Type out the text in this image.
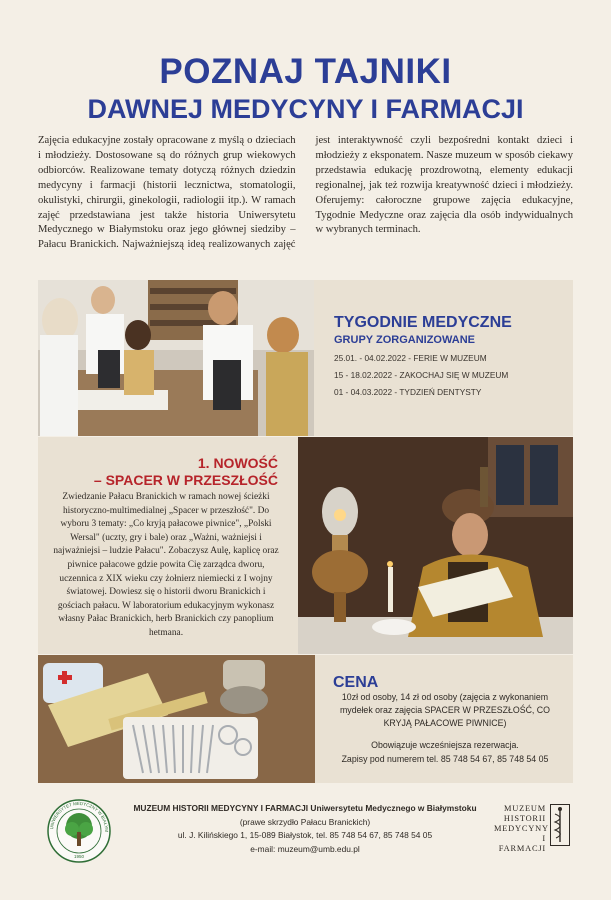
POZNAJ TAJNIKI
DAWNEJ MEDYCYNY I FARMACJI
Zajęcia edukacyjne zostały opracowane z myślą o dzieciach i młodzieży. Dostosowane są do różnych grup wiekowych odbiorców. Realizowane tematy dotyczą różnych dziedzin medycyny i farmacji (historii lecznictwa, stomatologii, okulistyki, chirurgii, ginekologii, radiologii itp.). W ramach zajęć przedstawiana jest także historia Uniwersytetu Medycznego w Białymstoku oraz jego głównej siedziby – Pałacu Branickich. Najważniejszą ideą realizowanych zajęć jest interaktywność czyli bezpośredni kontakt dzieci i młodzieży z eksponatem. Nasze muzeum w sposób ciekawy przedstawia edukację prozdrowotną, elementy edukacji regionalnej, jak też rozwija kreatywność dzieci i młodzieży. Oferujemy: całoroczne grupowe zajęcia edukacyjne, Tygodnie Medyczne oraz zajęcia dla osób indywidualnych w wybranych terminach.
TYGODNIE MEDYCZNE
GRUPY ZORGANIZOWANE
25.01. - 04.02.2022 - FERIE W MUZEUM
15 - 18.02.2022 - ZAKOCHAJ SIĘ W MUZEUM
01 - 04.03.2022 - TYDZIEŃ DENTYSTY
1. NOWOŚĆ
– SPACER W PRZESZŁOŚĆ
Zwiedzanie Pałacu Branickich w ramach nowej ścieżki historyczno-multimedialnej „Spacer w przeszłość". Do wyboru 3 tematy: „Co kryją pałacowe piwnice", „Polski Wersal" (uczty, gry i bale) oraz „Ważni, ważniejsi i najważniejsi – ludzie Pałacu". Zobaczysz Aulę, kaplicę oraz piwnice pałacowe gdzie powita Cię zarządca dworu, uczennica z XIX wieku czy żołnierz niemiecki z I wojny światowej. Dowiesz się o historii dworu Branickich i gościach pałacu. W laboratorium edukacyjnym wykonasz własny Pałac Branickich, herb Branickich czy panoplium hetmana.
CENA
10zł od osoby, 14 zł od osoby (zajęcia z wykonaniem mydełek oraz zajęcia SPACER W PRZESZŁOŚĆ, CO KRYJĄ PAŁACOWE PIWNICE)
Obowiązuje wcześniejsza rezerwacja.
Zapisy pod numerem tel. 85 748 54 67, 85 748 54 05
UNIWERSYTET MEDYCZNY W BIAŁYM
1950
MUZEUM HISTORII MEDYCYNY I FARMACJI Uniwersytetu Medycznego w Białymstoku
(prawe skrzydło Pałacu Branickich)
ul. J. Kilińskiego 1, 15-089 Białystok, tel. 85 748 54 67, 85 748 54 05
e-mail: muzeum@umb.edu.pl
MUZEUM
HISTORII
MEDYCYNY
I FARMACJI
